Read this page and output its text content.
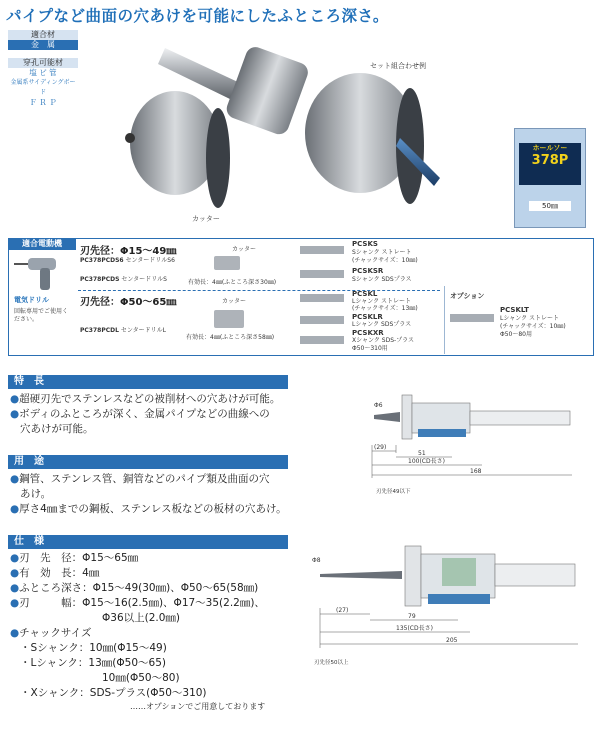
パイプなど曲面の穴あけを可能にしたふところ深さ。
適合材
金　属
穿孔可能材
塩 ビ 管
金属系サイディングボード
Ｆ Ｒ Ｐ
セット組合わせ例
カッター
ホールソー
378P
50㎜
適合電動機
電気ドリル
回転専用でご使用ください。
刃先径：Φ15～49㎜
PC378PCDS6 センタードリルS6
PC378PCDS センタードリルS
カッター
有効長：4㎜(ふところ深さ30㎜)
PCSKS
Sシャンク ストレート
(チャックサイズ：10㎜)
PCSKSR
Sシャンク SDSプラス
刃先径：Φ50～65㎜
PC378PCDL センタードリルL
カッター
有効長：4㎜(ふところ深さ58㎜)
PCSKL
Lシャンク ストレート
(チャックサイズ：13㎜)
PCSKLR
Lシャンク SDSプラス
PCSKXR
Xシャンク SDS-プラス
Φ50～310用
オプション
PCSKLT
Lシャンク ストレート
(チャックサイズ：10㎜)
Φ50～80用
特　長
●超硬刃先でステンレスなどの被削材への穴あけが可能。
●ボディのふところが深く、金属パイプなどの曲線への
穴あけが可能。
用　途
●鋼管、ステンレス管、銅管などのパイプ類及曲面の穴
あけ。
●厚さ4㎜までの鋼板、ステンレス板などの板材の穴あけ。
仕　様
●刃　先　径：Φ15～65㎜
●有　効　長：4㎜
●ふところ深さ：Φ15～49(30㎜)、Φ50～65(58㎜)
●刃　　　幅：Φ15～16(2.5㎜)、Φ17～35(2.2㎜)、
Φ36以上(2.0㎜)
●チャックサイズ
・Sシャンク：10㎜(Φ15～49)
・Lシャンク：13㎜(Φ50～65)
10㎜(Φ50～80)
・Xシャンク：SDS-プラス(Φ50～310)
……オプションでご用意しております
Φ6
(29)
51
100(CD長さ)
168
刃先径49以下
Φ8
(27)
79
135(CD長さ)
205
刃先径50以上
